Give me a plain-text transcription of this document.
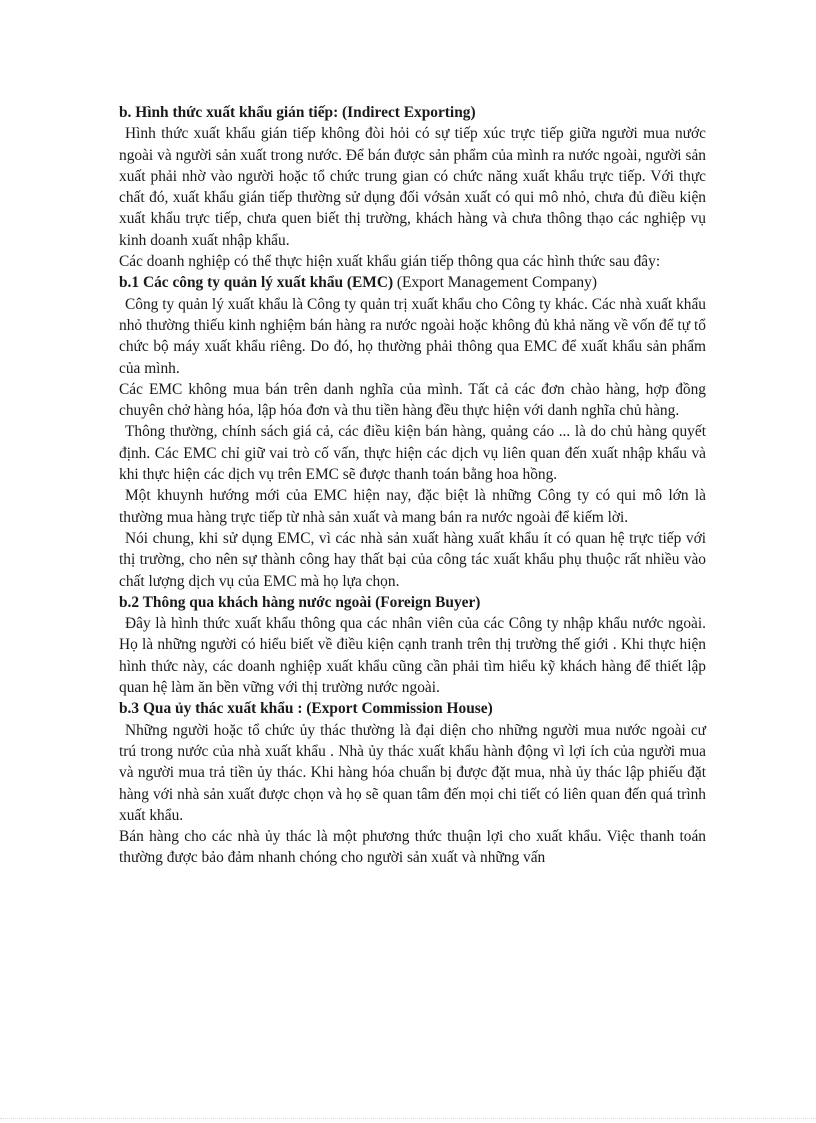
b. Hình thức xuất khẩu gián tiếp: (Indirect Exporting)

Hình thức xuất khẩu gián tiếp không đòi hỏi có sự tiếp xúc trực tiếp giữa người mua nước ngoài và người sản xuất trong nước. Để bán được sản phẩm của mình ra nước ngoài, người sản xuất phải nhờ vào người hoặc tổ chức trung gian có chức năng xuất khẩu trực tiếp. Với thực chất đó, xuất khẩu gián tiếp thường sử dụng đối vớsản xuất có qui mô nhỏ, chưa đủ điều kiện xuất khẩu trực tiếp, chưa quen biết thị trường, khách hàng và chưa thông thạo các nghiệp vụ kinh doanh xuất nhập khẩu.

Các doanh nghiệp có thể thực hiện xuất khẩu gián tiếp thông qua các hình thức sau đây:

b.1 Các công ty quản lý xuất khẩu (EMC) (Export Management Company)

Công ty quản lý xuất khẩu là Công ty quản trị xuất khẩu cho Công ty khác. Các nhà xuất khẩu nhỏ thường thiếu kinh nghiệm bán hàng ra nước ngoài hoặc không đủ khả năng về vốn để tự tổ chức bộ máy xuất khẩu riêng. Do đó, họ thường phải thông qua EMC để xuất khẩu sản phẩm của mình.

Các EMC không mua bán trên danh nghĩa của mình. Tất cả các đơn chào hàng, hợp đồng chuyên chở hàng hóa, lập hóa đơn và thu tiền hàng đều thực hiện với danh nghĩa chủ hàng.

Thông thường, chính sách giá cả, các điều kiện bán hàng, quảng cáo ... là do chủ hàng quyết định. Các EMC chỉ giữ vai trò cố vấn, thực hiện các dịch vụ liên quan đến xuất nhập khẩu và khi thực hiện các dịch vụ trên EMC sẽ được thanh toán bằng hoa hồng.

Một khuynh hướng mới của EMC hiện nay, đặc biệt là những Công ty có qui mô lớn là thường mua hàng trực tiếp từ nhà sản xuất và mang bán ra nước ngoài để kiếm lời.

Nói chung, khi sử dụng EMC, vì các nhà sản xuất hàng xuất khẩu ít có quan hệ trực tiếp với thị trường, cho nên sự thành công hay thất bại của công tác xuất khẩu phụ thuộc rất nhiều vào chất lượng dịch vụ của EMC mà họ lựa chọn.

b.2 Thông qua khách hàng nước ngoài (Foreign Buyer)

Đây là hình thức xuất khẩu thông qua các nhân viên của các Công ty nhập khẩu nước ngoài. Họ là những người có hiểu biết về điều kiện cạnh tranh trên thị trường thế giới . Khi thực hiện hình thức này, các doanh nghiệp xuất khẩu cũng cần phải tìm hiểu kỹ khách hàng để thiết lập quan hệ làm ăn bền vững với thị trường nước ngoài.

b.3 Qua ủy thác xuất khẩu : (Export Commission House)

Những người hoặc tổ chức ủy thác thường là đại diện cho những người mua nước ngoài cư trú trong nước của nhà xuất khẩu . Nhà ủy thác xuất khẩu hành động vì lợi ích của người mua và người mua trả tiền ủy thác. Khi hàng hóa chuẩn bị được đặt mua, nhà ủy thác lập phiếu đặt hàng với nhà sản xuất được chọn và họ sẽ quan tâm đến mọi chi tiết có liên quan đến quá trình xuất khẩu.

Bán hàng cho các nhà ủy thác là một phương thức thuận lợi cho xuất khẩu. Việc thanh toán thường được bảo đảm nhanh chóng cho người sản xuất và những vấn
